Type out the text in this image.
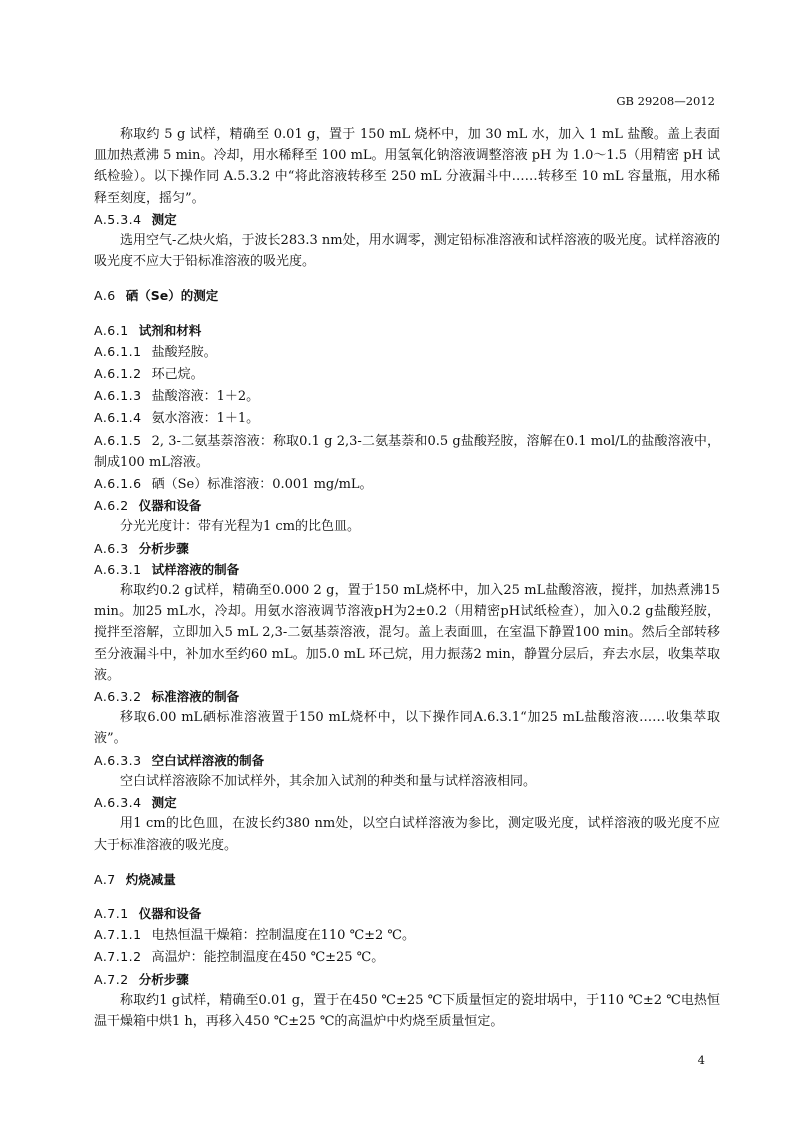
GB 29208—2012
称取约 5 g 试样，精确至 0.01 g，置于 150 mL 烧杯中，加 30 mL 水，加入 1 mL 盐酸。盖上表面皿加热煮沸 5 min。冷却，用水稀释至 100 mL。用氢氧化钠溶液调整溶液 pH 为 1.0～1.5（用精密 pH 试纸检验）。以下操作同 A.5.3.2 中“将此溶液转移至 250 mL 分液漏斗中……转移至 10 mL 容量瓶，用水稀释至刻度，摇匀”。
A.5.3.4 测定
选用空气-乙炔火焰，于波长283.3 nm处，用水调零，测定铅标准溶液和试样溶液的吸光度。试样溶液的吸光度不应大于铅标准溶液的吸光度。
A.6 硒（Se）的测定
A.6.1 试剂和材料
A.6.1.1 盐酸羟胺。
A.6.1.2 环己烷。
A.6.1.3 盐酸溶液：1＋2。
A.6.1.4 氨水溶液：1＋1。
A.6.1.5 2, 3-二氨基萘溶液：称取0.1 g 2,3-二氨基萘和0.5 g盐酸羟胺，溶解在0.1 mol/L的盐酸溶液中，制成100 mL溶液。
A.6.1.6 硒（Se）标准溶液：0.001 mg/mL。
A.6.2 仪器和设备
分光光度计：带有光程为1 cm的比色皿。
A.6.3 分析步骤
A.6.3.1 试样溶液的制备
称取约0.2 g试样，精确至0.000 2 g，置于150 mL烧杯中，加入25 mL盐酸溶液，搅拌，加热煮沸15 min。加25 mL水，冷却。用氨水溶液调节溶液pH为2±0.2（用精密pH试纸检查），加入0.2 g盐酸羟胺，搅拌至溶解，立即加入5 mL 2,3-二氨基萘溶液，混匀。盖上表面皿，在室温下静置100 min。然后全部转移至分液漏斗中，补加水至约60 mL。加5.0 mL 环己烷，用力振荡2 min，静置分层后，弃去水层，收集萃取液。
A.6.3.2 标准溶液的制备
移取6.00 mL硒标准溶液置于150 mL烧杯中，以下操作同A.6.3.1“加25 mL盐酸溶液……收集萃取液”。
A.6.3.3 空白试样溶液的制备
空白试样溶液除不加试样外，其余加入试剂的种类和量与试样溶液相同。
A.6.3.4 测定
用1 cm的比色皿，在波长约380 nm处，以空白试样溶液为参比，测定吸光度，试样溶液的吸光度不应大于标准溶液的吸光度。
A.7 灼烧减量
A.7.1 仪器和设备
A.7.1.1 电热恒温干燥箱：控制温度在110 ℃±2 ℃。
A.7.1.2 高温炉：能控制温度在450 ℃±25 ℃。
A.7.2 分析步骤
称取约1 g试样，精确至0.01 g，置于在450 ℃±25 ℃下质量恒定的瓷坩埚中，于110 ℃±2 ℃电热恒温干燥箱中烘1 h，再移入450 ℃±25 ℃的高温炉中灼烧至质量恒定。
4
